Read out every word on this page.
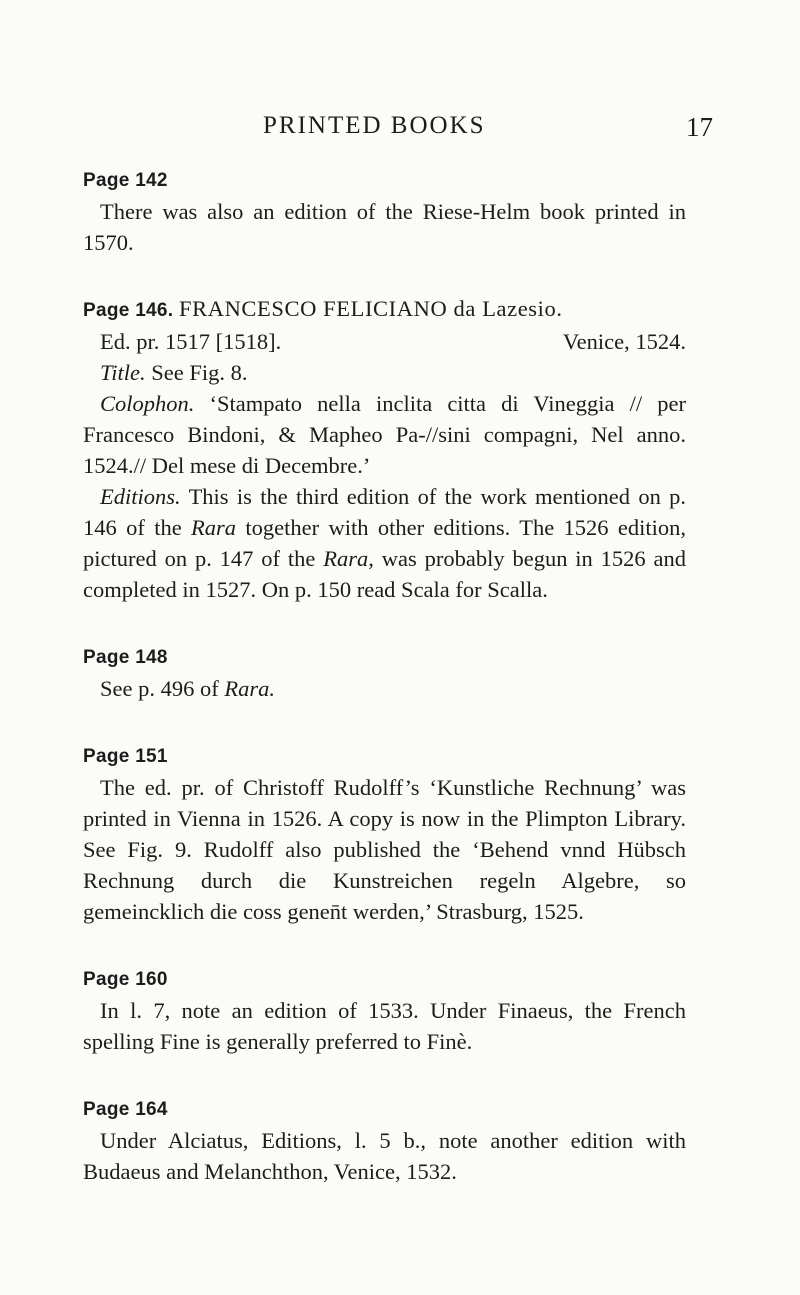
PRINTED BOOKS	17

Page 142

There was also an edition of the Riese-Helm book printed in 1570.

Page 146. FRANCESCO FELICIANO da Lazesio.

Ed. pr. 1517 [1518].	Venice, 1524.

Title. See Fig. 8.

Colophon. ‘Stampato nella inclita citta di Vineggia // per Francesco Bindoni, & Mapheo Pa-//sini compagni, Nel anno. 1524.// Del mese di Decembre.’

Editions. This is the third edition of the work mentioned on p. 146 of the Rara together with other editions. The 1526 edition, pictured on p. 147 of the Rara, was probably begun in 1526 and completed in 1527. On p. 150 read Scala for Scalla.

Page 148

See p. 496 of Rara.

Page 151

The ed. pr. of Christoff Rudolff’s ‘Kunstliche Rechnung’ was printed in Vienna in 1526. A copy is now in the Plimpton Library. See Fig. 9. Rudolff also published the ‘Behend vnnd Hübsch Rechnung durch die Kunstreichen regeln Algebre, so gemeincklich die coss genen̄t werden,’ Strasburg, 1525.

Page 160

In l. 7, note an edition of 1533. Under Finaeus, the French spelling Fine is generally preferred to Finè.

Page 164

Under Alciatus, Editions, l. 5 b., note another edition with Budaeus and Melanchthon, Venice, 1532.
